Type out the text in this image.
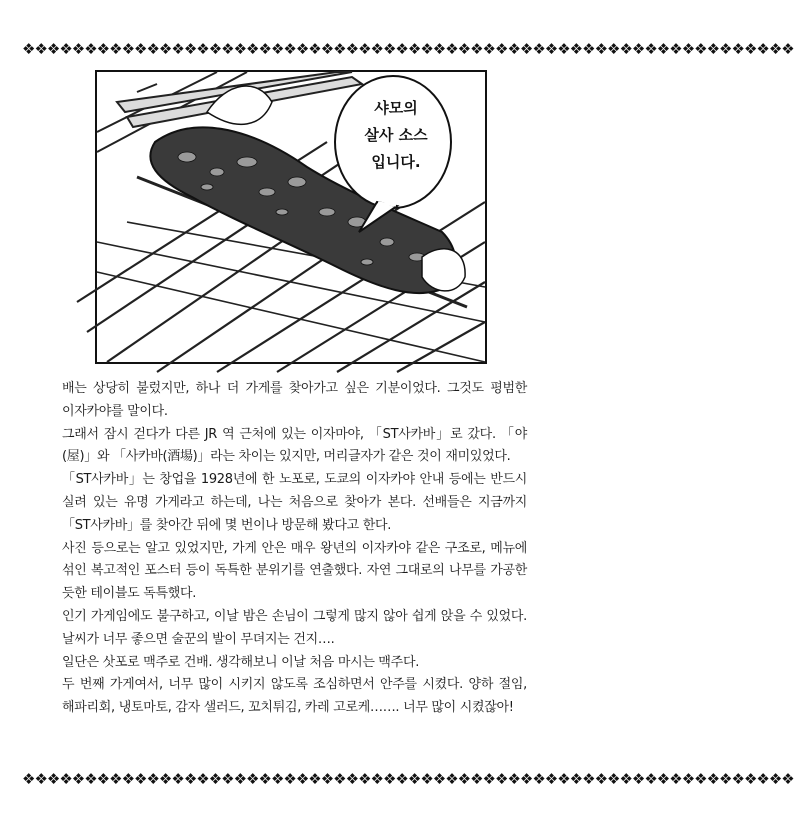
❖❖❖❖❖❖❖❖❖❖❖❖❖❖❖❖❖❖❖❖❖❖❖❖❖❖❖❖❖❖❖❖❖❖❖❖❖❖❖❖❖❖❖❖❖❖❖❖❖❖❖❖❖❖❖❖❖❖❖❖❖❖
샤모의
살사 소스
입니다.

배는 상당히 불렀지만, 하나 더 가게를 찾아가고 싶은 기분이었다. 그것도 평범한 이자카야를 말이다.

그래서 잠시 걷다가 다른 JR 역 근처에 있는 이자마야, 「ST사카바」로 갔다. 「야(屋)」와 「사카바(酒場)」라는 차이는 있지만, 머리글자가 같은 것이 재미있었다.

「ST사카바」는 창업을 1928년에 한 노포로, 도쿄의 이자카야 안내 등에는 반드시 실려 있는 유명 가게라고 하는데, 나는 처음으로 찾아가 본다. 선배들은 지금까지 「ST사카바」를 찾아간 뒤에 몇 번이나 방문해 봤다고 한다.

사진 등으로는 알고 있었지만, 가게 안은 매우 왕년의 이자카야 같은 구조로, 메뉴에 섞인 복고적인 포스터 등이 독특한 분위기를 연출했다. 자연 그대로의 나무를 가공한 듯한 테이블도 독특했다.

인기 가게임에도 불구하고, 이날 밤은 손님이 그렇게 많지 않아 쉽게 앉을 수 있었다. 날씨가 너무 좋으면 술꾼의 발이 무뎌지는 건지….

일단은 삿포로 맥주로 건배. 생각해보니 이날 처음 마시는 맥주다.

두 번째 가게여서, 너무 많이 시키지 않도록 조심하면서 안주를 시켰다. 양하 절임, 해파리회, 냉토마토, 감자 샐러드, 꼬치튀김, 카레 고로케……. 너무 많이 시켰잖아!

❖❖❖❖❖❖❖❖❖❖❖❖❖❖❖❖❖❖❖❖❖❖❖❖❖❖❖❖❖❖❖❖❖❖❖❖❖❖❖❖❖❖❖❖❖❖❖❖❖❖❖❖❖❖❖❖❖❖❖❖❖❖
